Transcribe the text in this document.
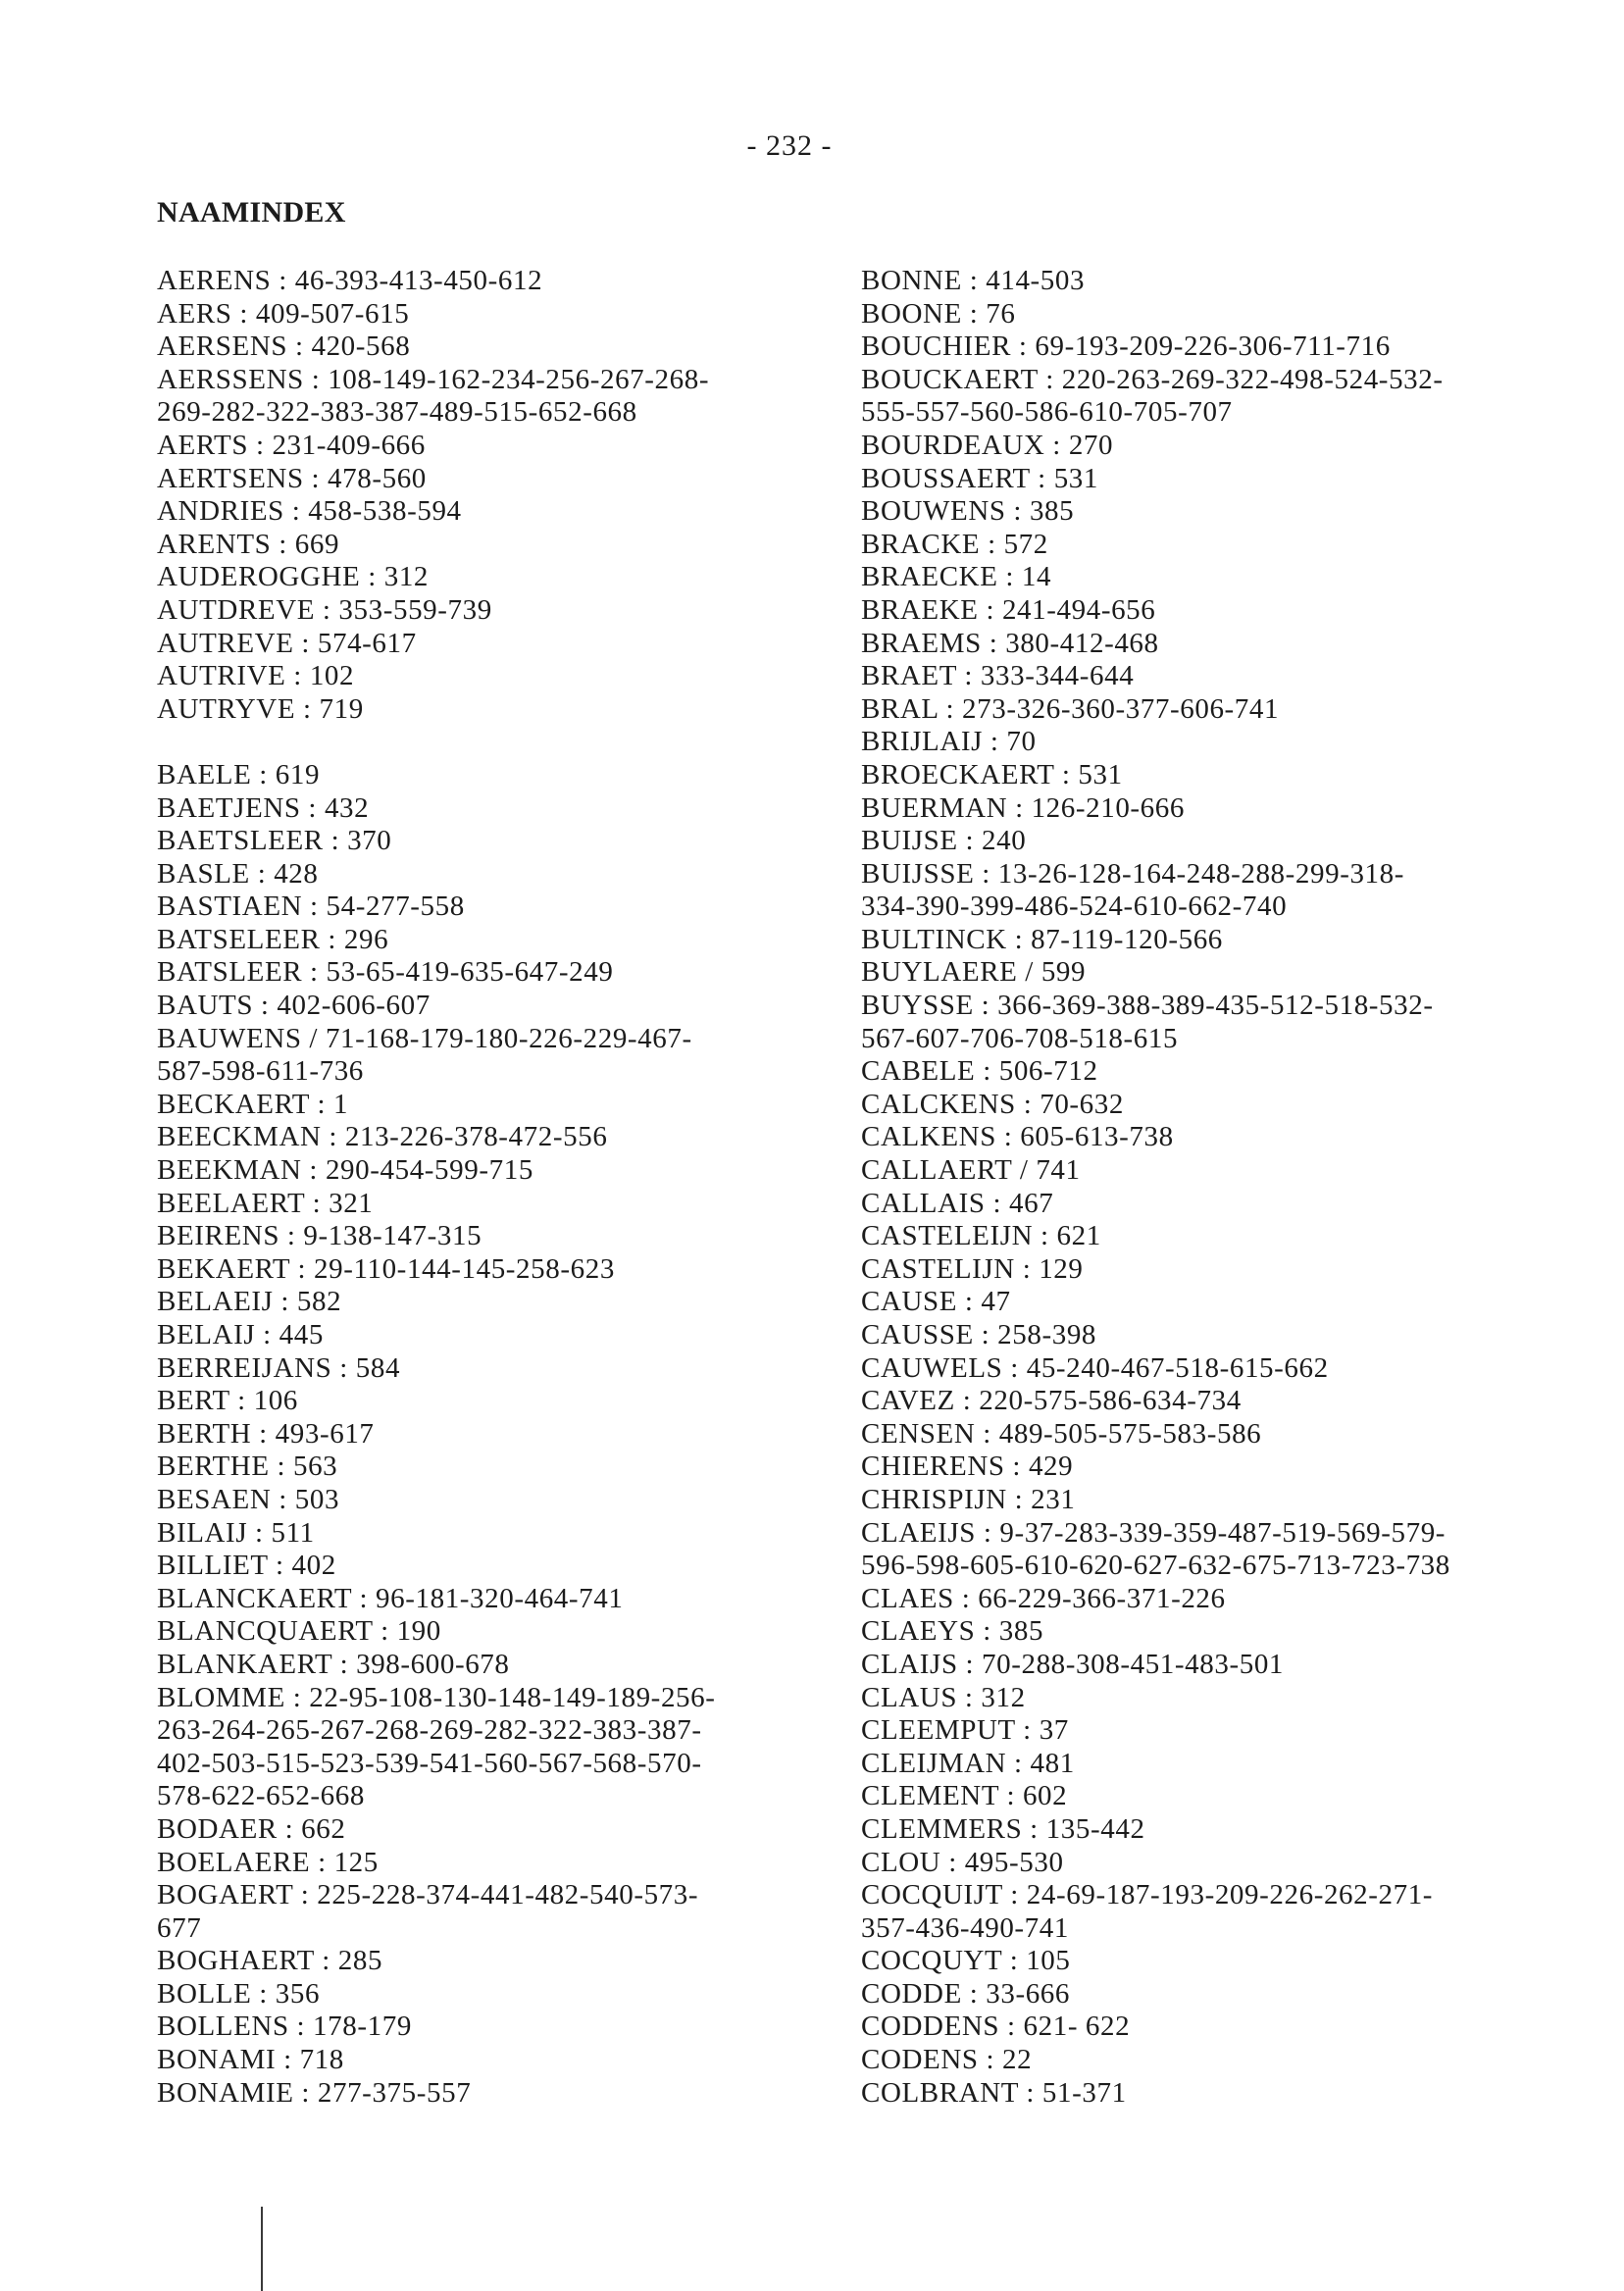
- 232 -
NAAMINDEX
AERENS : 46-393-413-450-612
AERS : 409-507-615
AERSENS : 420-568
AERSSENS : 108-149-162-234-256-267-268-
269-282-322-383-387-489-515-652-668
AERTS : 231-409-666
AERTSENS : 478-560
ANDRIES : 458-538-594
ARENTS : 669
AUDEROGGHE : 312
AUTDREVE : 353-559-739
AUTREVE : 574-617
AUTRIVE : 102
AUTRYVE : 719
BAELE : 619
BAETJENS : 432
BAETSLEER : 370
BASLE : 428
BASTIAEN : 54-277-558
BATSELEER : 296
BATSLEER : 53-65-419-635-647-249
BAUTS : 402-606-607
BAUWENS / 71-168-179-180-226-229-467-
587-598-611-736
BECKAERT : 1
BEECKMAN : 213-226-378-472-556
BEEKMAN : 290-454-599-715
BEELAERT : 321
BEIRENS : 9-138-147-315
BEKAERT : 29-110-144-145-258-623
BELAEIJ : 582
BELAIJ : 445
BERREIJANS : 584
BERT : 106
BERTH : 493-617
BERTHE : 563
BESAEN : 503
BILAIJ : 511
BILLIET : 402
BLANCKAERT : 96-181-320-464-741
BLANCQUAERT : 190
BLANKAERT : 398-600-678
BLOMME : 22-95-108-130-148-149-189-256-
263-264-265-267-268-269-282-322-383-387-
402-503-515-523-539-541-560-567-568-570-
578-622-652-668
BODAER : 662
BOELAERE : 125
BOGAERT : 225-228-374-441-482-540-573-
677
BOGHAERT : 285
BOLLE : 356
BOLLENS : 178-179
BONAMI : 718
BONAMIE : 277-375-557
BONNE : 414-503
BOONE : 76
BOUCHIER : 69-193-209-226-306-711-716
BOUCKAERT : 220-263-269-322-498-524-532-
555-557-560-586-610-705-707
BOURDEAUX : 270
BOUSSAERT : 531
BOUWENS : 385
BRACKE : 572
BRAECKE : 14
BRAEKE : 241-494-656
BRAEMS : 380-412-468
BRAET : 333-344-644
BRAL : 273-326-360-377-606-741
BRIJLAIJ : 70
BROECKAERT : 531
BUERMAN : 126-210-666
BUIJSE : 240
BUIJSSE : 13-26-128-164-248-288-299-318-
334-390-399-486-524-610-662-740
BULTINCK : 87-119-120-566
BUYLAERE / 599
BUYSSE : 366-369-388-389-435-512-518-532-
567-607-706-708-518-615
CABELE : 506-712
CALCKENS : 70-632
CALKENS : 605-613-738
CALLAERT / 741
CALLAIS : 467
CASTELEIJN : 621
CASTELIJN : 129
CAUSE : 47
CAUSSE : 258-398
CAUWELS : 45-240-467-518-615-662
CAVEZ : 220-575-586-634-734
CENSEN : 489-505-575-583-586
CHIERENS : 429
CHRISPIJN : 231
CLAEIJS : 9-37-283-339-359-487-519-569-579-
596-598-605-610-620-627-632-675-713-723-738
CLAES : 66-229-366-371-226
CLAEYS : 385
CLAIJS : 70-288-308-451-483-501
CLAUS : 312
CLEEMPUT : 37
CLEIJMAN : 481
CLEMENT : 602
CLEMMERS : 135-442
CLOU : 495-530
COCQUIJT : 24-69-187-193-209-226-262-271-
357-436-490-741
COCQUYT : 105
CODDE : 33-666
CODDENS : 621- 622
CODENS : 22
COLBRANT : 51-371
